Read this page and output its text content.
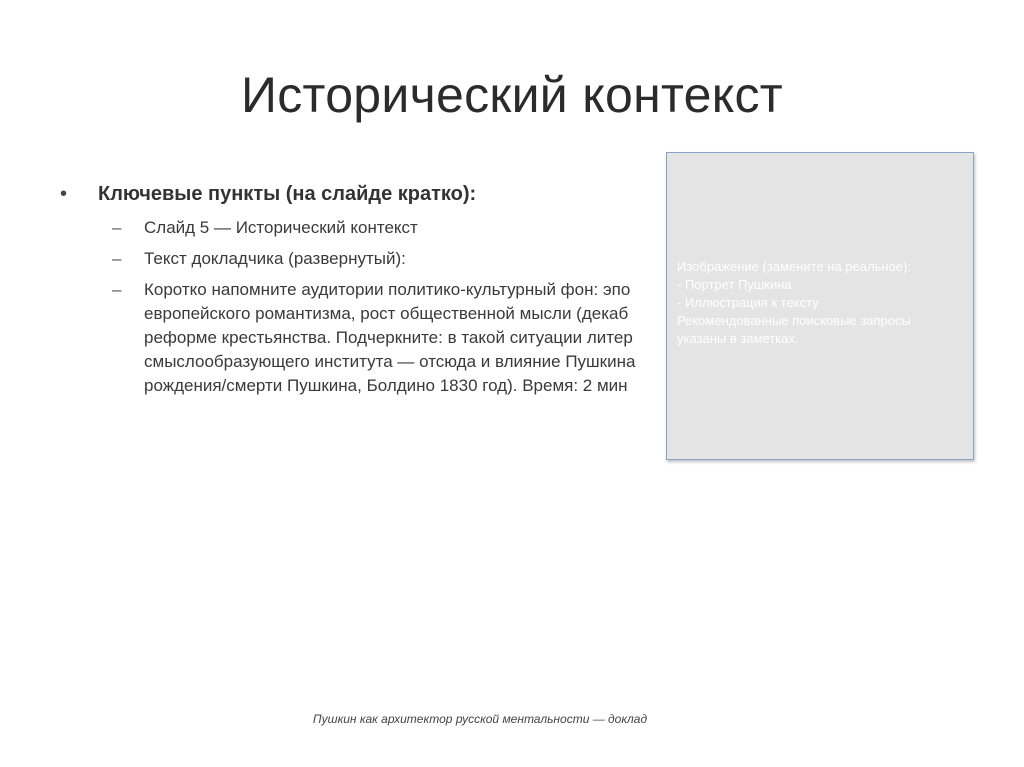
Исторический контекст
• Ключевые пункты (на слайде кратко):
– Слайд 5 — Исторический контекст
– Текст докладчика (развернутый):
– Коротко напомните аудитории политико-культурный фон: эпо
европейского романтизма, рост общественной мысли (декаб
реформе крестьянства. Подчеркните: в такой ситуации литер
смыслообразующего института — отсюда и влияние Пушкина
рождения/смерти Пушкина, Болдино 1830 год). Время: 2 мин
Изображение (замените на реальное):
- Портрет Пушкина
- Иллюстрация к тексту
Рекомендованные поисковые запросы
указаны в заметках.
Пушкин как архитектор русской ментальности — доклад
